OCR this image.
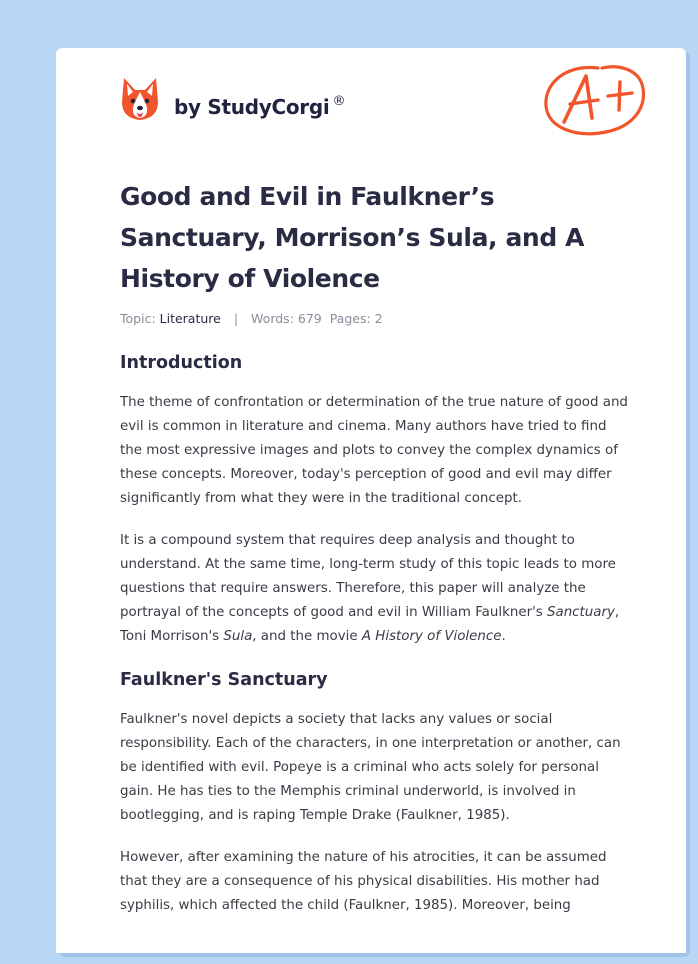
by StudyCorgi ®
Good and Evil in Faulkner’s Sanctuary, Morrison’s Sula, and A History of Violence
Topic: Literature | Words: 679 Pages: 2
Introduction

The theme of confrontation or determination of the true nature of good and evil is common in literature and cinema. Many authors have tried to find the most expressive images and plots to convey the complex dynamics of these concepts. Moreover, today's perception of good and evil may differ significantly from what they were in the traditional concept.

It is a compound system that requires deep analysis and thought to understand. At the same time, long-term study of this topic leads to more questions that require answers. Therefore, this paper will analyze the portrayal of the concepts of good and evil in William Faulkner's Sanctuary, Toni Morrison's Sula, and the movie A History of Violence.

Faulkner's Sanctuary

Faulkner's novel depicts a society that lacks any values or social responsibility. Each of the characters, in one interpretation or another, can be identified with evil. Popeye is a criminal who acts solely for personal gain. He has ties to the Memphis criminal underworld, is involved in bootlegging, and is raping Temple Drake (Faulkner, 1985).

However, after examining the nature of his atrocities, it can be assumed that they are a consequence of his physical disabilities. His mother had syphilis, which affected the child (Faulkner, 1985). Moreover, being
